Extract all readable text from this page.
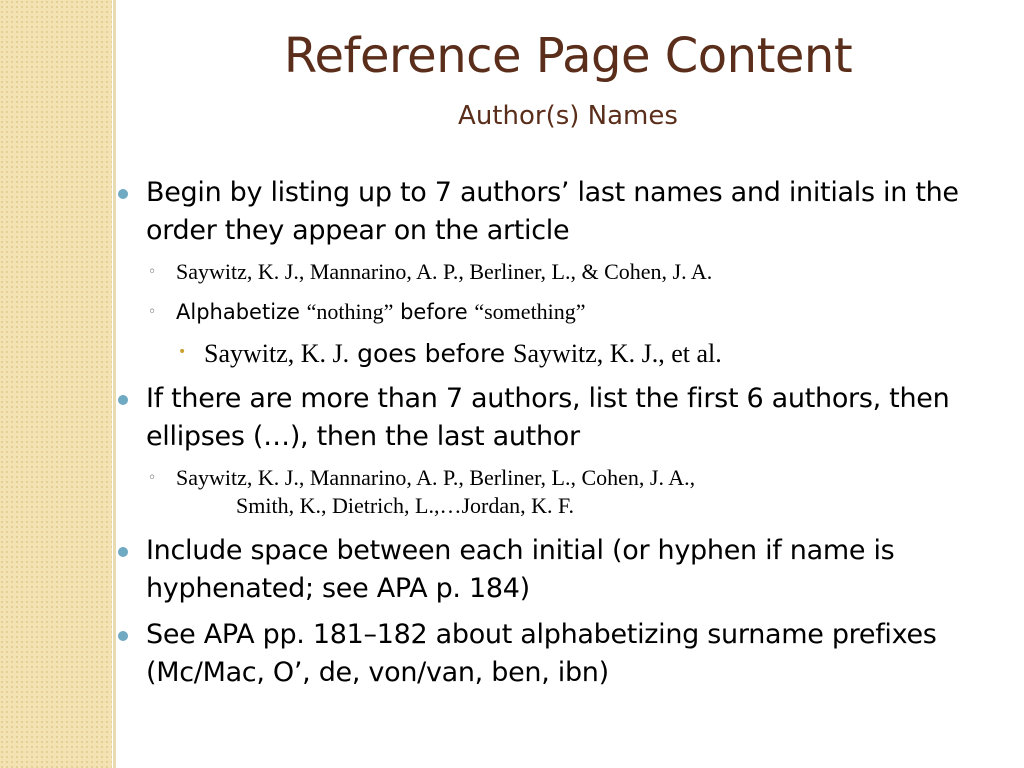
Reference Page Content
Author(s) Names
Begin by listing up to 7 authors’ last names and initials in the order they appear on the article
◦ Saywitz, K. J., Mannarino, A. P., Berliner, L., & Cohen, J. A.
◦ Alphabetize “nothing” before “something”
• Saywitz, K. J. goes before Saywitz, K. J., et al.
If there are more than 7 authors, list the first 6 authors, then ellipses (…), then the last author
◦ Saywitz, K. J., Mannarino, A. P., Berliner, L., Cohen, J. A.,
Smith, K., Dietrich, L.,…Jordan, K. F.
Include space between each initial (or hyphen if name is hyphenated; see APA p. 184)
See APA pp. 181–182 about alphabetizing surname prefixes (Mc/Mac, O’, de, von/van, ben, ibn)
